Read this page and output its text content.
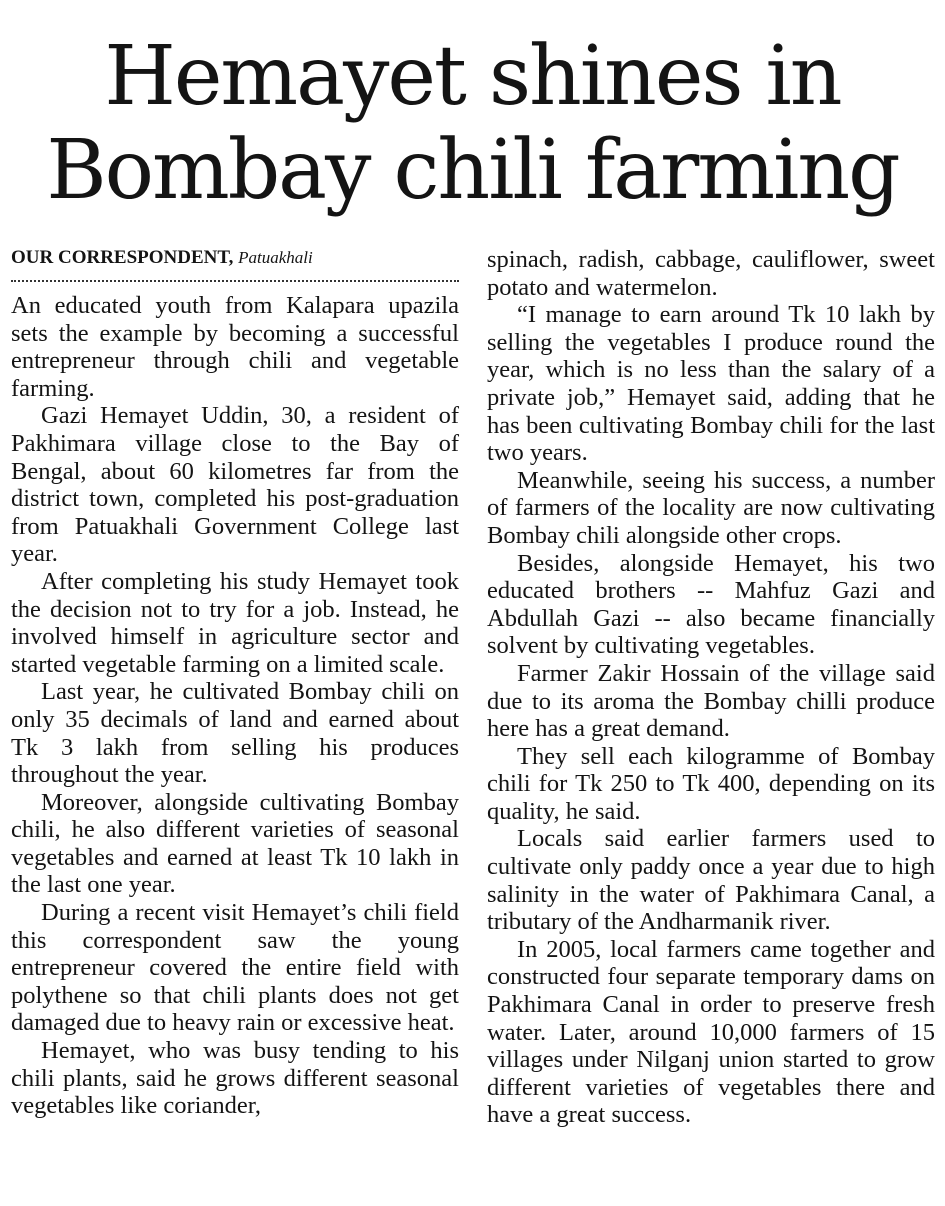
Hemayet shines in Bombay chili farming
OUR CORRESPONDENT, Patuakhali

An educated youth from Kalapara upazila sets the example by becoming a successful entrepreneur through chili and vegetable farming.

Gazi Hemayet Uddin, 30, a resident of Pakhimara village close to the Bay of Bengal, about 60 kilometres far from the district town, completed his post-graduation from Patuakhali Government College last year.

After completing his study Hemayet took the decision not to try for a job. Instead, he involved himself in agriculture sector and started vegetable farming on a limited scale.

Last year, he cultivated Bombay chili on only 35 decimals of land and earned about Tk 3 lakh from selling his produces throughout the year.

Moreover, alongside cultivating Bombay chili, he also different varieties of seasonal vegetables and earned at least Tk 10 lakh in the last one year.

During a recent visit Hemayet’s chili field this correspondent saw the young entrepreneur covered the entire field with polythene so that chili plants does not get damaged due to heavy rain or excessive heat.

Hemayet, who was busy tending to his chili plants, said he grows different seasonal vegetables like coriander,

spinach, radish, cabbage, cauliflower, sweet potato and watermelon.

“I manage to earn around Tk 10 lakh by selling the vegetables I produce round the year, which is no less than the salary of a private job,” Hemayet said, adding that he has been cultivating Bombay chili for the last two years.

Meanwhile, seeing his success, a number of farmers of the locality are now cultivating Bombay chili alongside other crops.

Besides, alongside Hemayet, his two educated brothers -- Mahfuz Gazi and Abdullah Gazi -- also became financially solvent by cultivating vegetables.

Farmer Zakir Hossain of the village said due to its aroma the Bombay chilli produce here has a great demand.

They sell each kilogramme of Bombay chili for Tk 250 to Tk 400, depending on its quality, he said.

Locals said earlier farmers used to cultivate only paddy once a year due to high salinity in the water of Pakhimara Canal, a tributary of the Andharmanik river.

In 2005, local farmers came together and constructed four separate temporary dams on Pakhimara Canal in order to preserve fresh water. Later, around 10,000 farmers of 15 villages under Nilganj union started to grow different varieties of vegetables there and have a great success.
